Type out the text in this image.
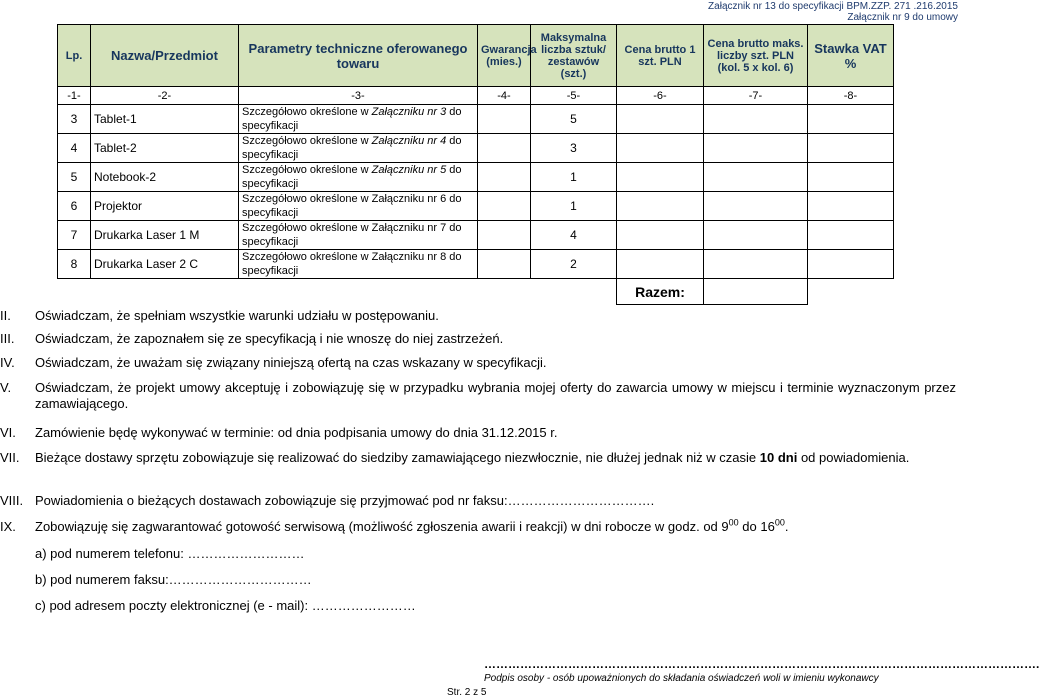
Załącznik nr 13 do specyfikacji BPM.ZZP. 271 .216.2015
Załącznik nr 9 do umowy
Lp.	Nazwa/Przedmiot	Parametry techniczne oferowanego towaru	Gwarancja (mies.)	Maksymalna liczba sztuk/ zestawów (szt.)	Cena brutto 1 szt. PLN	Cena brutto maks. liczby szt. PLN (kol. 5 x kol. 6)	Stawka VAT %
-1-	-2-	-3-	-4-	-5-	-6-	-7-	-8-
3	Tablet-1	Szczegółowo określone w Załączniku nr 3 do specyfikacji		5			
4	Tablet-2	Szczegółowo określone w Załączniku nr 4 do specyfikacji		3			
5	Notebook-2	Szczegółowo określone w Załączniku nr 5 do specyfikacji		1			
6	Projektor	Szczegółowo określone w Załączniku nr 6 do specyfikacji		1			
7	Drukarka Laser 1 M	Szczegółowo określone w Załączniku nr 7 do specyfikacji		4			
8	Drukarka Laser 2 C	Szczegółowo określone w Załączniku nr 8 do specyfikacji		2			
					Razem:		
II.	Oświadczam, że spełniam wszystkie warunki udziału w postępowaniu.
III.	Oświadczam, że zapoznałem się ze specyfikacją i nie wnoszę do niej zastrzeżeń.
IV.	Oświadczam, że uważam się związany niniejszą ofertą na czas wskazany w specyfikacji.
V.	Oświadczam, że projekt umowy akceptuję i zobowiązuję się w przypadku wybrania mojej oferty do zawarcia umowy w miejscu i terminie wyznaczonym przez zamawiającego.
VI.	Zamówienie będę wykonywać w terminie: od dnia podpisania umowy do dnia 31.12.2015 r.
VII.	Bieżące dostawy sprzętu zobowiązuje się realizować do siedziby zamawiającego niezwłocznie, nie dłużej jednak niż w czasie 10 dni od powiadomienia.
VIII. Powiadomienia o bieżących dostawach zobowiązuje się przyjmować pod nr faksu:…………………………….
IX.	Zobowiązuję się zagwarantować gotowość serwisową (możliwość zgłoszenia awarii i reakcji) w dni robocze w godz. od $9^{00}$ do $16^{00}$.
a) pod numerem telefonu: ………………………
b) pod numerem faksu:……………………………
c) pod adresem poczty elektronicznej (e - mail): ……………………
………………………………………………………………………………………………………………………….
Podpis osoby - osób upoważnionych do składania oświadczeń woli w imieniu wykonawcy
Str. 2 z 5
